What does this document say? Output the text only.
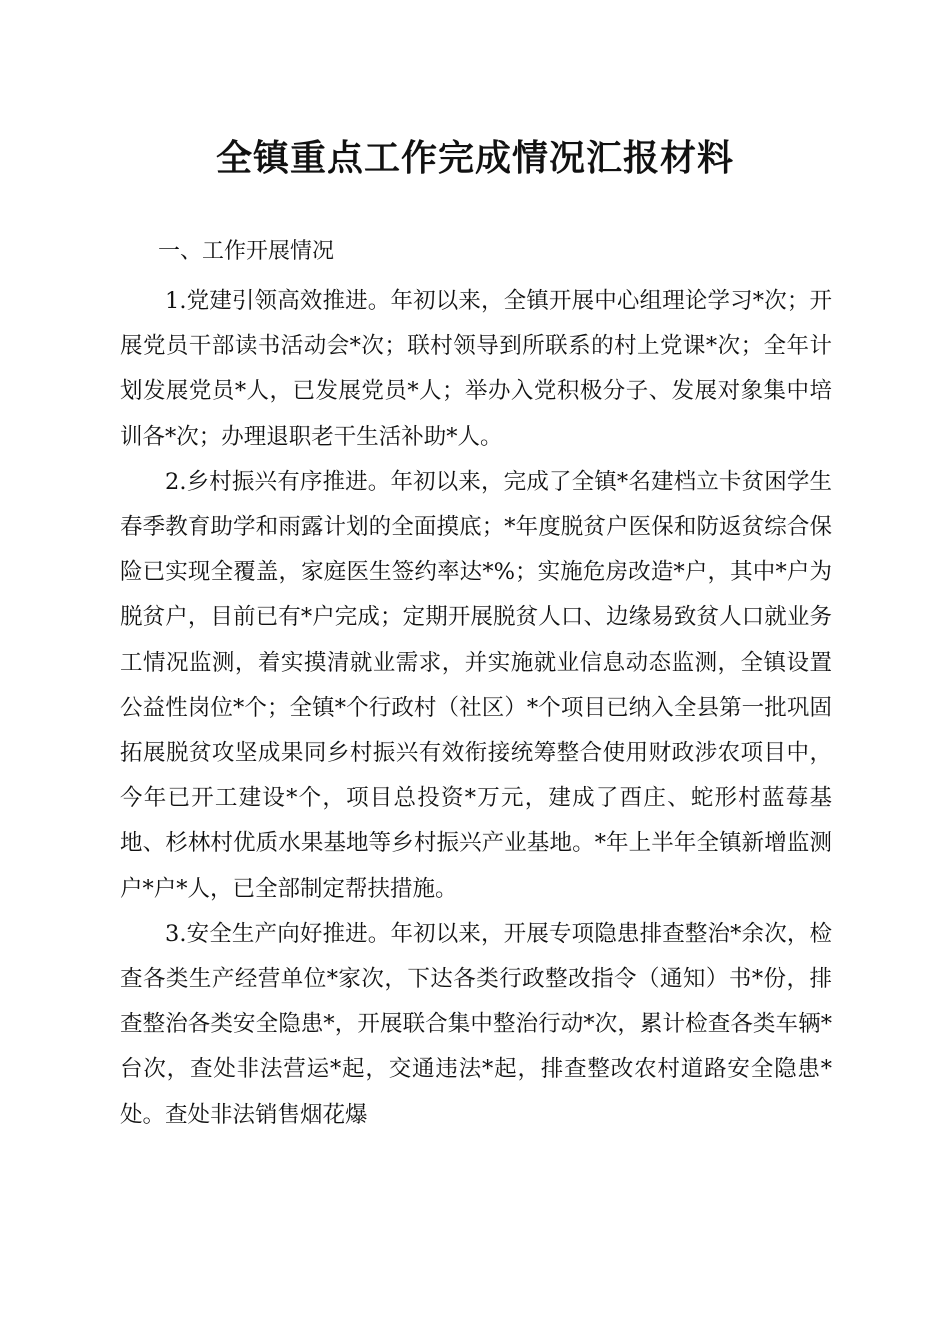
全镇重点工作完成情况汇报材料
一、工作开展情况

1.党建引领高效推进。年初以来，全镇开展中心组理论学习*次；开展党员干部读书活动会*次；联村领导到所联系的村上党课*次；全年计划发展党员*人，已发展党员*人；举办入党积极分子、发展对象集中培训各*次；办理退职老干生活补助*人。

2.乡村振兴有序推进。年初以来，完成了全镇*名建档立卡贫困学生春季教育助学和雨露计划的全面摸底；*年度脱贫户医保和防返贫综合保险已实现全覆盖，家庭医生签约率达*%；实施危房改造*户，其中*户为脱贫户，目前已有*户完成；定期开展脱贫人口、边缘易致贫人口就业务工情况监测，着实摸清就业需求，并实施就业信息动态监测，全镇设置公益性岗位*个；全镇*个行政村（社区）*个项目已纳入全县第一批巩固拓展脱贫攻坚成果同乡村振兴有效衔接统筹整合使用财政涉农项目中，今年已开工建设*个，项目总投资*万元，建成了酉庄、蛇形村蓝莓基地、杉林村优质水果基地等乡村振兴产业基地。*年上半年全镇新增监测户*户*人，已全部制定帮扶措施。

3.安全生产向好推进。年初以来，开展专项隐患排查整治*余次，检查各类生产经营单位*家次，下达各类行政整改指令（通知）书*份，排查整治各类安全隐患*，开展联合集中整治行动*次，累计检查各类车辆*台次，查处非法营运*起，交通违法*起，排查整改农村道路安全隐患*处。查处非法销售烟花爆
